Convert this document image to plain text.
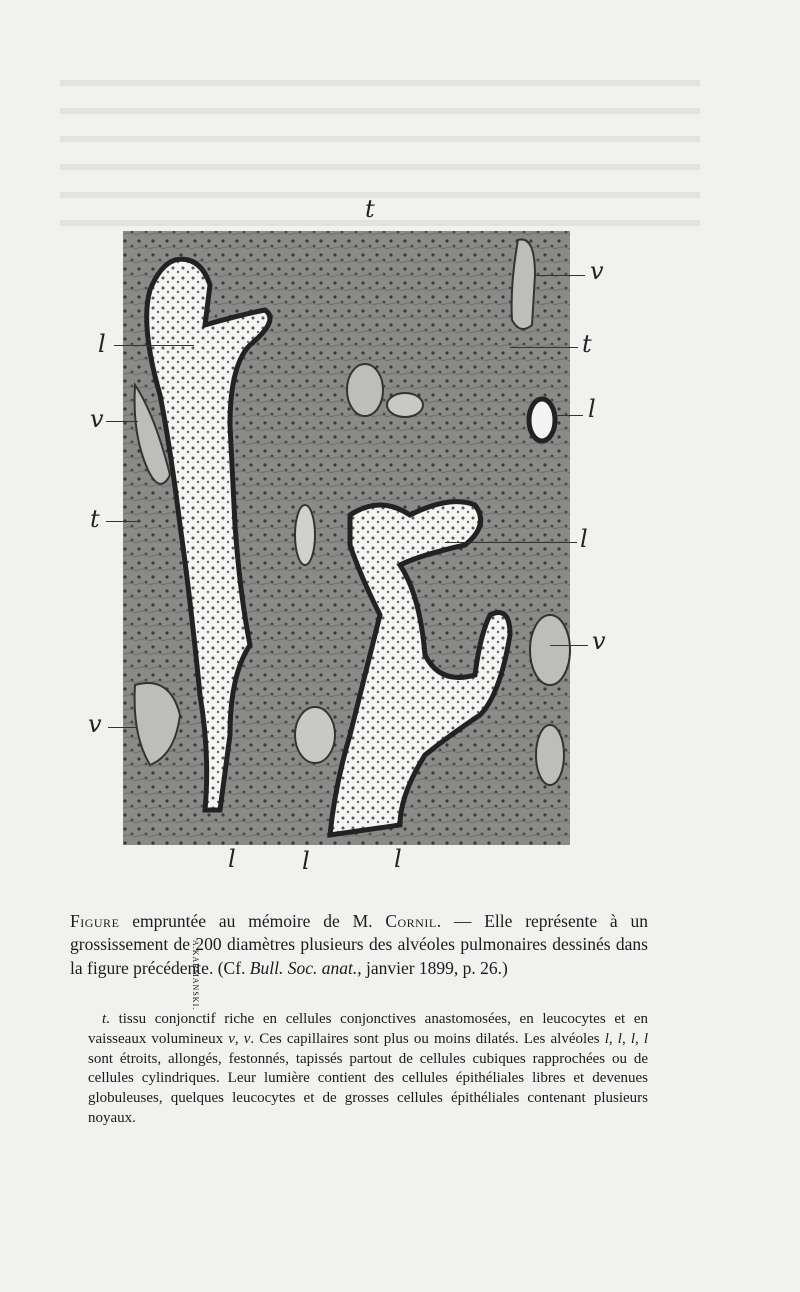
t
v
t
l
l
v
l
v
t
v
l	l	l
A.KARMANSKI.
Figure empruntée au mémoire de M. Cornil. — Elle représente à un grossissement de 200 diamètres plusieurs des alvéoles pulmonaires dessinés dans la figure précédente. (Cf. Bull. Soc. anat., janvier 1899, p. 26.)

t. tissu conjonctif riche en cellules conjonctives anastomosées, en leucocytes et en vaisseaux volumineux v, v. Ces capillaires sont plus ou moins dilatés. Les alvéoles l, l, l, l sont étroits, allongés, festonnés, tapissés partout de cellules cubiques rapprochées ou de cellules cylindriques. Leur lumière contient des cellules épithéliales libres et devenues globuleuses, quelques leucocytes et de grosses cellules épithéliales contenant plusieurs noyaux.
